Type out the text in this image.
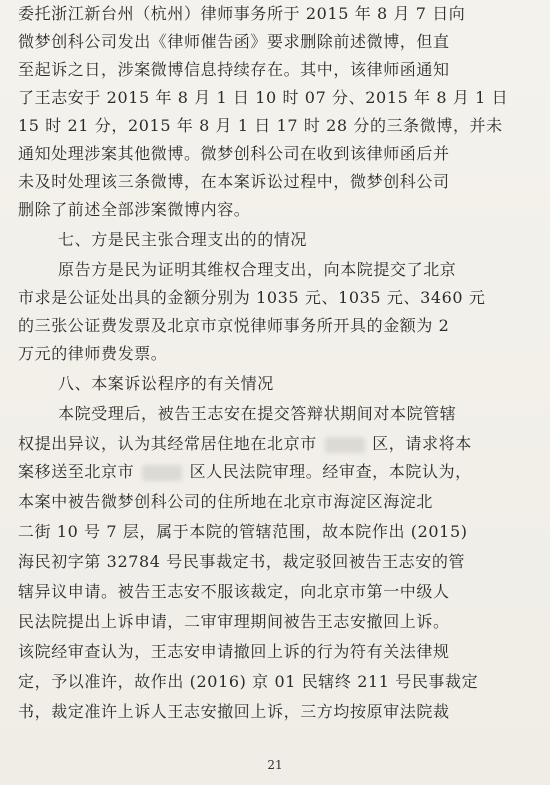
委托浙江新台州（杭州）律师事务所于 2015 年 8 月 7 日向
微梦创科公司发出《律师催告函》要求删除前述微博，但直
至起诉之日，涉案微博信息持续存在。其中，该律师函通知
了王志安于 2015 年 8 月 1 日 10 时 07 分、2015 年 8 月 1 日
15 时 21 分，2015 年 8 月 1 日 17 时 28 分的三条微博，并未
通知处理涉案其他微博。微梦创科公司在收到该律师函后并
未及时处理该三条微博，在本案诉讼过程中，微梦创科公司
删除了前述全部涉案微博内容。
七、方是民主张合理支出的的情况
原告方是民为证明其维权合理支出，向本院提交了北京
市求是公证处出具的金额分别为 1035 元、1035 元、3460 元
的三张公证费发票及北京市京悦律师事务所开具的金额为 2
万元的律师费发票。
八、本案诉讼程序的有关情况
本院受理后，被告王志安在提交答辩状期间对本院管辖
权提出异议，认为其经常居住地在北京市	区，请求将本
案移送至北京市	区人民法院审理。经审查，本院认为，
本案中被告微梦创科公司的住所地在北京市海淀区海淀北
二街 10 号 7 层，属于本院的管辖范围，故本院作出 (2015)
海民初字第 32784 号民事裁定书，裁定驳回被告王志安的管
辖异议申请。被告王志安不服该裁定，向北京市第一中级人
民法院提出上诉申请，二审审理期间被告王志安撤回上诉。
该院经审查认为，王志安申请撤回上诉的行为符有关法律规
定，予以准许，故作出 (2016) 京 01 民辖终 211 号民事裁定
书，裁定准许上诉人王志安撤回上诉，三方均按原审法院裁
21
